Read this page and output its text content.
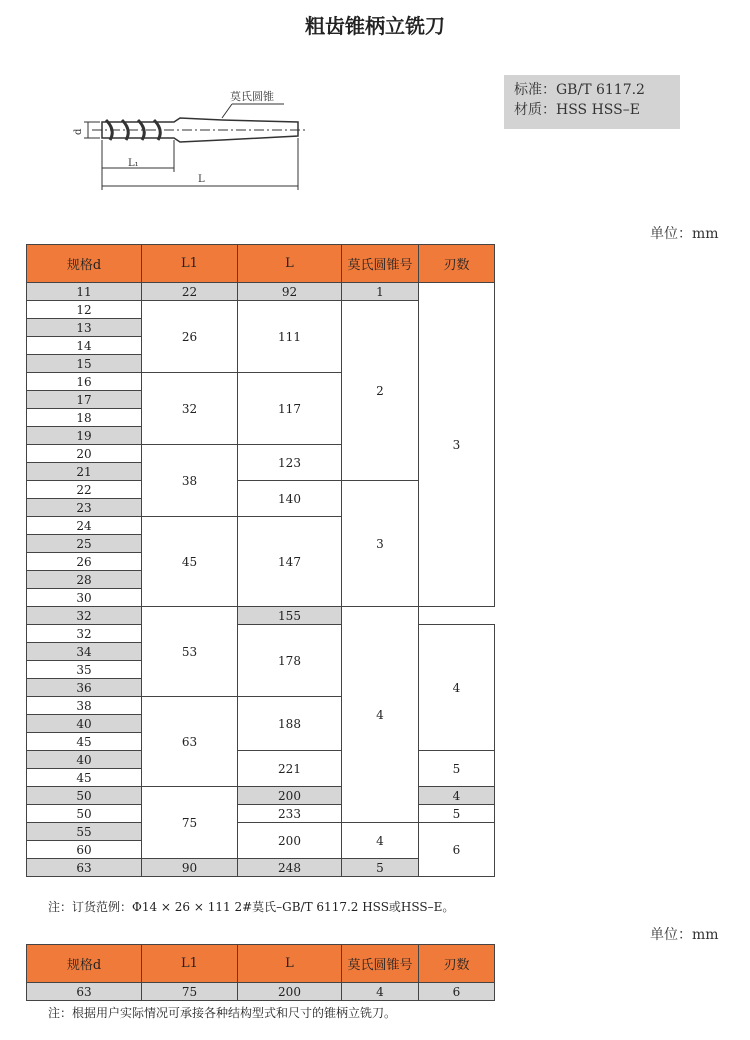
粗齿锥柄立铣刀
莫氏圆锥
d
L₁
L
标准：GB/T 6117.2
材质：HSS HSS–E
单位：mm
规格d	L1	L	莫氏圆锥号	刃数
11	22	92	1	3
12	26	111	2	
13				
14				
15				
16	32	117		
17				
18				
19				
20	38	123		
21				
22		140	3	
23				
24	45	147		
25				
26				
28				
30				
32	53	155	4	
32		178		4
34				
35				
36				
38	63	188		
40				
45				
40		221		5
45				
50	75	200		4
50		233		5
55		200	4	6
60				
63	90	248	5	
注：订货范例：Φ14 × 26 × 111 2#莫氏–GB/T 6117.2 HSS或HSS–E。
单位：mm
规格d	L1	L	莫氏圆锥号	刃数
63	75	200	4	6
注：根据用户实际情况可承接各种结构型式和尺寸的锥柄立铣刀。
